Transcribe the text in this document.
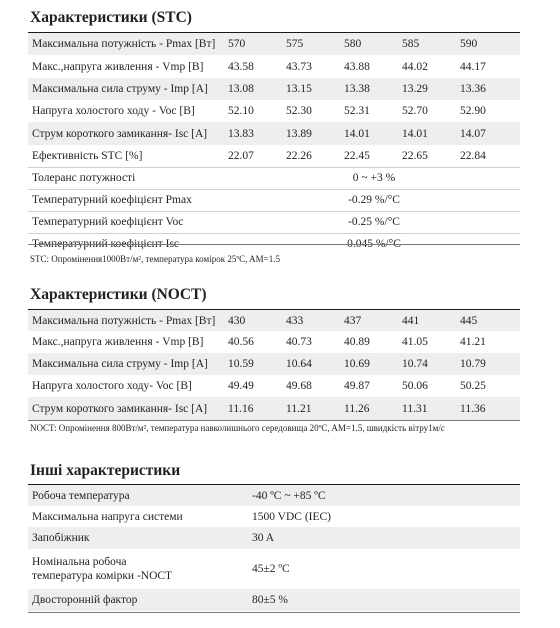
Характеристики (STC)
Максимальна потужність - Pmax [Вт]	570	575	580	585	590
Макс.,напруга живлення - Vmp [В]	43.58	43.73	43.88	44.02	44.17
Максимальна сила струму - Imp [A]	13.08	13.15	13.38	13.29	13.36
Напруга холостого ходу - Voc [В]	52.10	52.30	52.31	52.70	52.90
Струм короткого замикання- Isc [A]	13.83	13.89	14.01	14.01	14.07
Ефективність STC [%]	22.07	22.26	22.45	22.65	22.84
Толеранс потужності	0 ~ +3 %				
Температурний коефіцієнт Pmax	-0.29 %/°C				
Температурний коефіцієнт Voc	-0.25 %/°C				
Температурний коефіцієнт Isc	0.045 %/°C				
STC: Опромінення1000Вт/м², температура комірок 25ºC, AM=1.5
Характеристики (NOCT)
Максимальна потужність - Pmax [Вт]	430	433	437	441	445
Макс.,напруга живлення - Vmp [В]	40.56	40.73	40.89	41.05	41.21
Максимальна сила струму - Imp [A]	10.59	10.64	10.69	10.74	10.79
Напруга холостого ходу- Voc [В]	49.49	49.68	49.87	50.06	50.25
Струм короткого замикання- Isc [A]	11.16	11.21	11.26	11.31	11.36
NOCT: Опромінення 800Вт/м², температура навколишнього середовища 20ºC, AM=1.5, швидкість вітру1м/с
Інші характеристики
Робоча температура	-40 ºC ~ +85 ºC
Максимальна напруга системи	1500 VDC (IEC)
Запобіжник	30 A

Номінальна робоча
температура комірки -NOCT	45±2 ºC
Двосторонній фактор	80±5 %
